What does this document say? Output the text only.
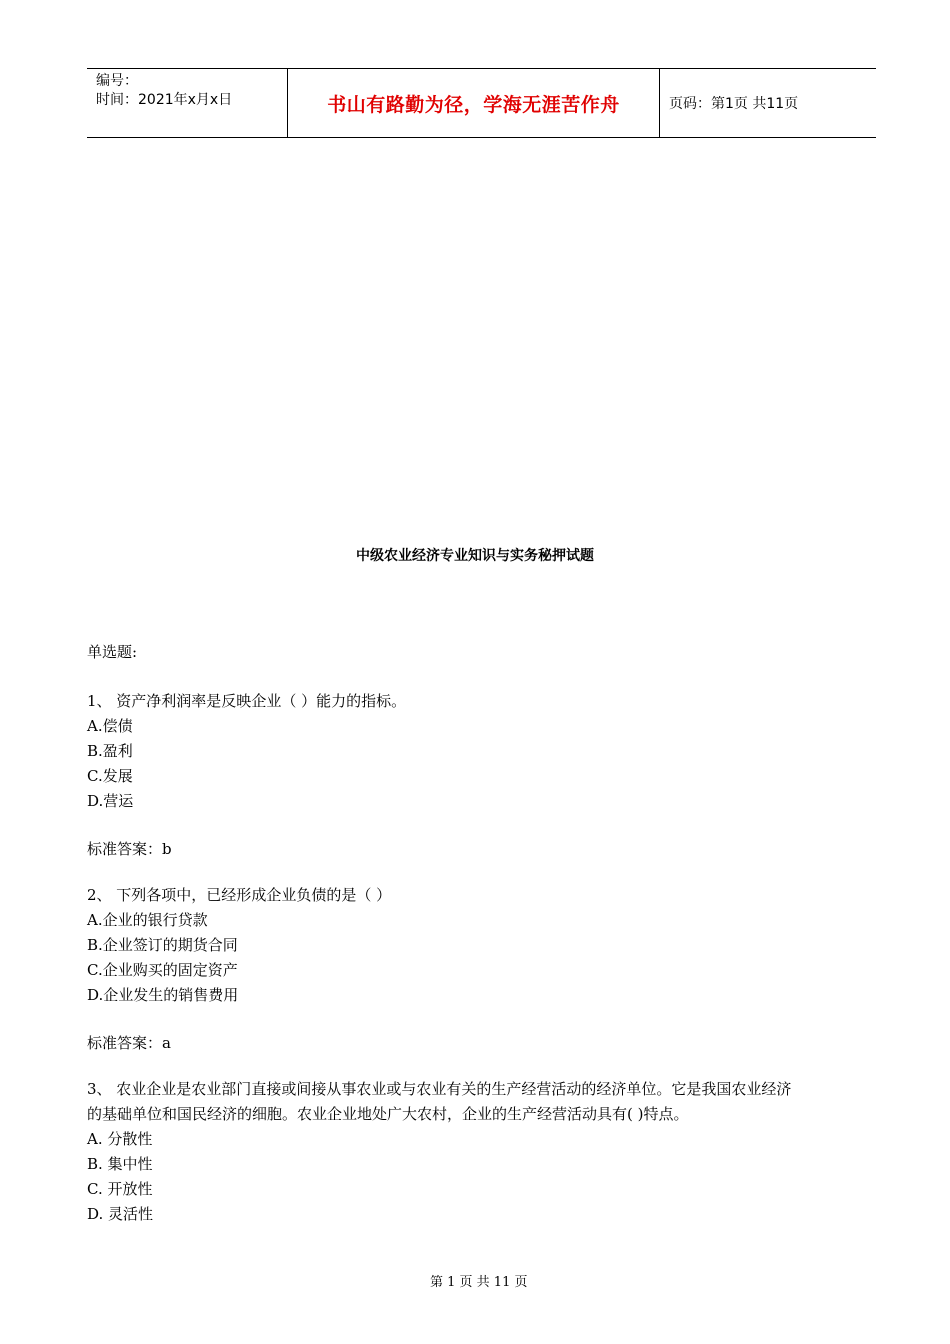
编号：
时间：2021年x月x日	书山有路勤为径，学海无涯苦作舟	页码：第1页 共11页
中级农业经济专业知识与实务秘押试题
单选题:
1、 资产净利润率是反映企业（ ）能力的指标。
A.偿债
B.盈利
C.发展
D.营运
标准答案：b
2、 下列各项中，已经形成企业负债的是（ ）
A.企业的银行贷款
B.企业签订的期货合同
C.企业购买的固定资产
D.企业发生的销售费用
标准答案：a
3、 农业企业是农业部门直接或间接从事农业或与农业有关的生产经营活动的经济单位。它是我国农业经济
的基础单位和国民经济的细胞。农业企业地处广大农村，企业的生产经营活动具有( )特点。
A. 分散性
B. 集中性
C. 开放性
D. 灵活性
第 1 页 共 11 页
